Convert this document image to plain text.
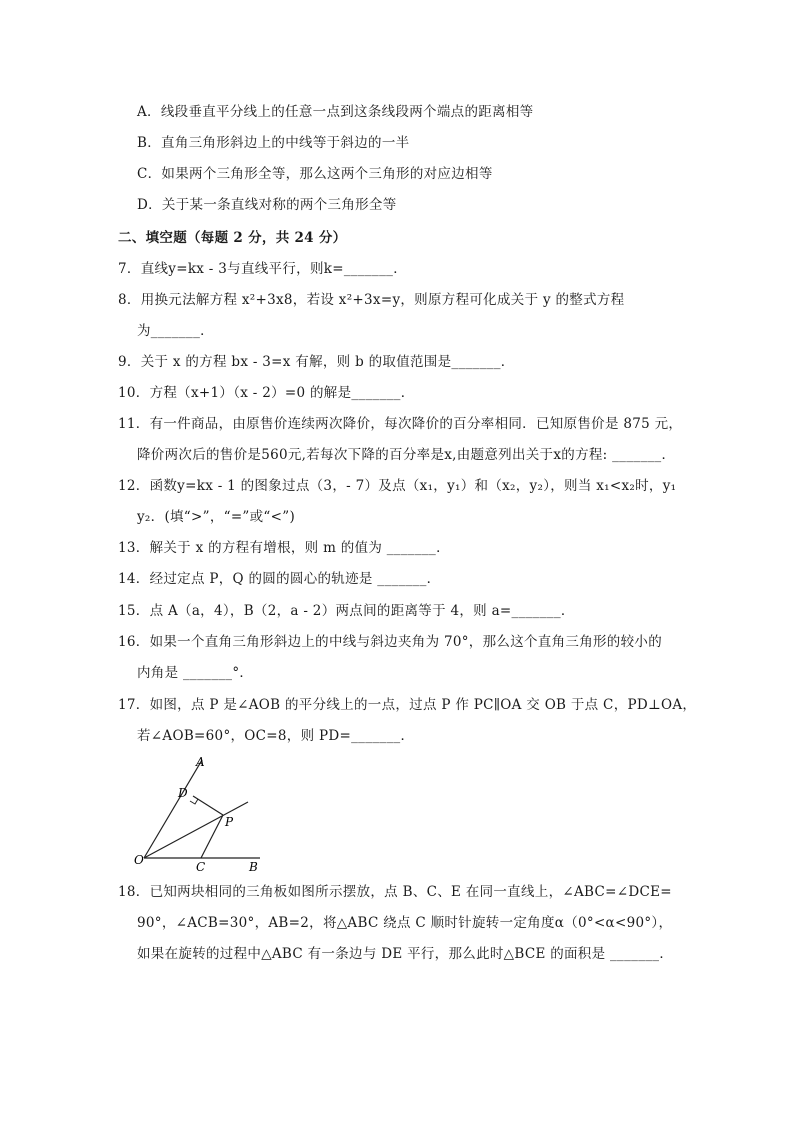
A．线段垂直平分线上的任意一点到这条线段两个端点的距离相等
B．直角三角形斜边上的中线等于斜边的一半
C．如果两个三角形全等，那么这两个三角形的对应边相等
D．关于某一条直线对称的两个三角形全等
二、填空题（每题 2 分，共 24 分）
7．直线y=kx - 3与直线平行，则k=_______．
8．用换元法解方程 x²+3x8，若设 x²+3x=y，则原方程可化成关于 y 的整式方程
为_______．
9．关于 x 的方程 bx - 3=x 有解，则 b 的取值范围是_______．
10．方程（x+1）（x - 2）=0 的解是_______．
11．有一件商品，由原售价连续两次降价，每次降价的百分率相同．已知原售价是 875 元，
降价两次后的售价是560元,若每次下降的百分率是x,由题意列出关于x的方程: _______．
12．函数y=kx - 1 的图象过点（3，- 7）及点（x₁，y₁）和（x₂，y₂），则当 x₁<x₂时，y₁
y₂．(填“>”，“=”或“<”)
13．解关于 x 的方程有增根，则 m 的值为 _______．
14．经过定点 P，Q 的圆的圆心的轨迹是 _______．
15．点 A（a，4），B（2，a - 2）两点间的距离等于 4，则 a=_______．
16．如果一个直角三角形斜边上的中线与斜边夹角为 70°，那么这个直角三角形的较小的
内角是 _______°．
17．如图，点 P 是∠AOB 的平分线上的一点，过点 P 作 PC∥OA 交 OB 于点 C，PD⊥OA，
若∠AOB=60°，OC=8，则 PD=_______．
A
D
P
O	C	B
18．已知两块相同的三角板如图所示摆放，点 B、C、E 在同一直线上，∠ABC=∠DCE=
90°，∠ACB=30°，AB=2，将△ABC 绕点 C 顺时针旋转一定角度α（0°<α<90°），
如果在旋转的过程中△ABC 有一条边与 DE 平行，那么此时△BCE 的面积是 _______．
